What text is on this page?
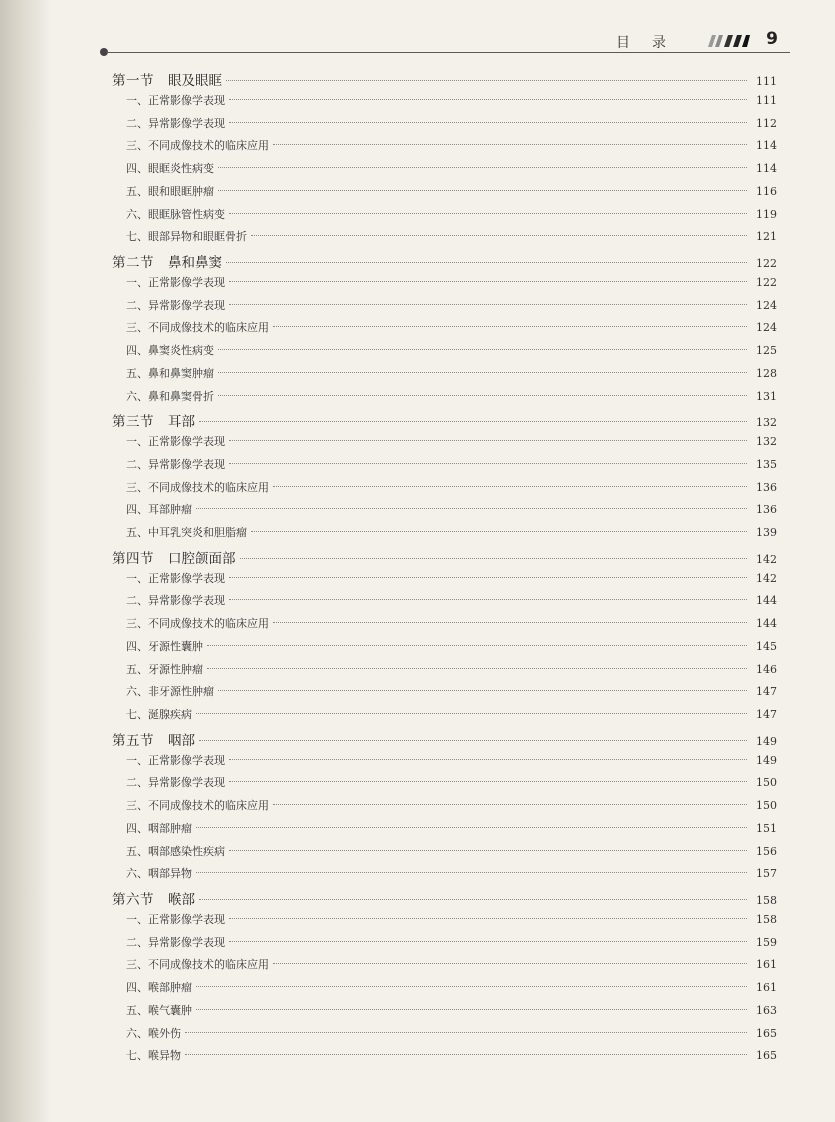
目录	9
第一节 眼及眼眶	111
一、正常影像学表现	111
二、异常影像学表现	112
三、不同成像技术的临床应用	114
四、眼眶炎性病变	114
五、眼和眼眶肿瘤	116
六、眼眶脉管性病变	119
七、眼部异物和眼眶骨折	121
第二节 鼻和鼻窦	122
一、正常影像学表现	122
二、异常影像学表现	124
三、不同成像技术的临床应用	124
四、鼻窦炎性病变	125
五、鼻和鼻窦肿瘤	128
六、鼻和鼻窦骨折	131
第三节 耳部	132
一、正常影像学表现	132
二、异常影像学表现	135
三、不同成像技术的临床应用	136
四、耳部肿瘤	136
五、中耳乳突炎和胆脂瘤	139
第四节 口腔颌面部	142
一、正常影像学表现	142
二、异常影像学表现	144
三、不同成像技术的临床应用	144
四、牙源性囊肿	145
五、牙源性肿瘤	146
六、非牙源性肿瘤	147
七、涎腺疾病	147
第五节 咽部	149
一、正常影像学表现	149
二、异常影像学表现	150
三、不同成像技术的临床应用	150
四、咽部肿瘤	151
五、咽部感染性疾病	156
六、咽部异物	157
第六节 喉部	158
一、正常影像学表现	158
二、异常影像学表现	159
三、不同成像技术的临床应用	161
四、喉部肿瘤	161
五、喉气囊肿	163
六、喉外伤	165
七、喉异物	165
